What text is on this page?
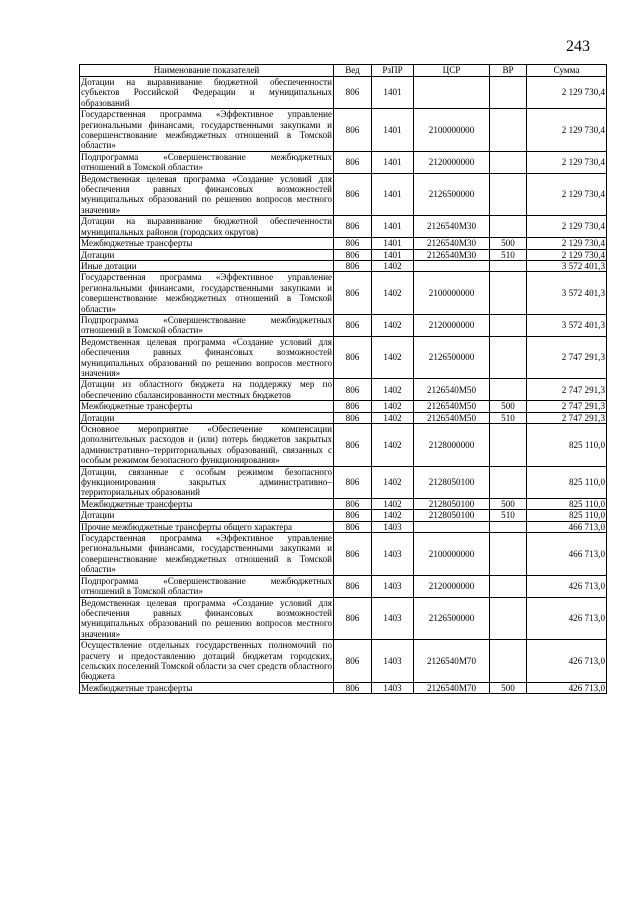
243
Наименование показателей	Вед	РзПР	ЦСР	ВР	Сумма
Дотации на выравнивание бюджетной обеспеченности субъектов Российской Федерации и муниципальных образований	806	1401			2 129 730,4
Государственная программа «Эффективное управление региональными финансами, государственными закупками и совершенствование межбюджетных отношений в Томской области»	806	1401	2100000000		2 129 730,4
Подпрограмма «Совершенствование межбюджетных отношений в Томской области»	806	1401	2120000000		2 129 730,4
Ведомственная целевая программа «Создание условий для обеспечения равных финансовых возможностей муниципальных образований по решению вопросов местного значения»	806	1401	2126500000		2 129 730,4
Дотации на выравнивание бюджетной обеспеченности муниципальных районов (городских округов)	806	1401	2126540М30		2 129 730,4
Межбюджетные трансферты	806	1401	2126540М30	500	2 129 730,4
Дотации	806	1401	2126540М30	510	2 129 730,4
Иные дотации	806	1402			3 572 401,3
Государственная программа «Эффективное управление региональными финансами, государственными закупками и совершенствование межбюджетных отношений в Томской области»	806	1402	2100000000		3 572 401,3
Подпрограмма «Совершенствование межбюджетных отношений в Томской области»	806	1402	2120000000		3 572 401,3
Ведомственная целевая программа «Создание условий для обеспечения равных финансовых возможностей муниципальных образований по решению вопросов местного значения»	806	1402	2126500000		2 747 291,3
Дотации из областного бюджета на поддержку мер по обеспечению сбалансированности местных бюджетов	806	1402	2126540М50		2 747 291,3
Межбюджетные трансферты	806	1402	2126540М50	500	2 747 291,3
Дотации	806	1402	2126540М50	510	2 747 291,3
Основное мероприятие «Обеспечение компенсации дополнительных расходов и (или) потерь бюджетов закрытых административно–территориальных образований, связанных с особым режимом безопасного функционирования»	806	1402	2128000000		825 110,0
Дотации, связанные с особым режимом безопасного функционирования закрытых административно–территориальных образований	806	1402	2128050100		825 110,0
Межбюджетные трансферты	806	1402	2128050100	500	825 110,0
Дотации	806	1402	2128050100	510	825 110,0
Прочие межбюджетные трансферты общего характера	806	1403			466 713,0
Государственная программа «Эффективное управление региональными финансами, государственными закупками и совершенствование межбюджетных отношений в Томской области»	806	1403	2100000000		466 713,0
Подпрограмма «Совершенствование межбюджетных отношений в Томской области»	806	1403	2120000000		426 713,0
Ведомственная целевая программа «Создание условий для обеспечения равных финансовых возможностей муниципальных образований по решению вопросов местного значения»	806	1403	2126500000		426 713,0
Осуществление отдельных государственных полномочий по расчету и предоставлению дотаций бюджетам городских, сельских поселений Томской области за счет средств областного бюджета	806	1403	2126540М70		426 713,0
Межбюджетные трансферты	806	1403	2126540М70	500	426 713,0
